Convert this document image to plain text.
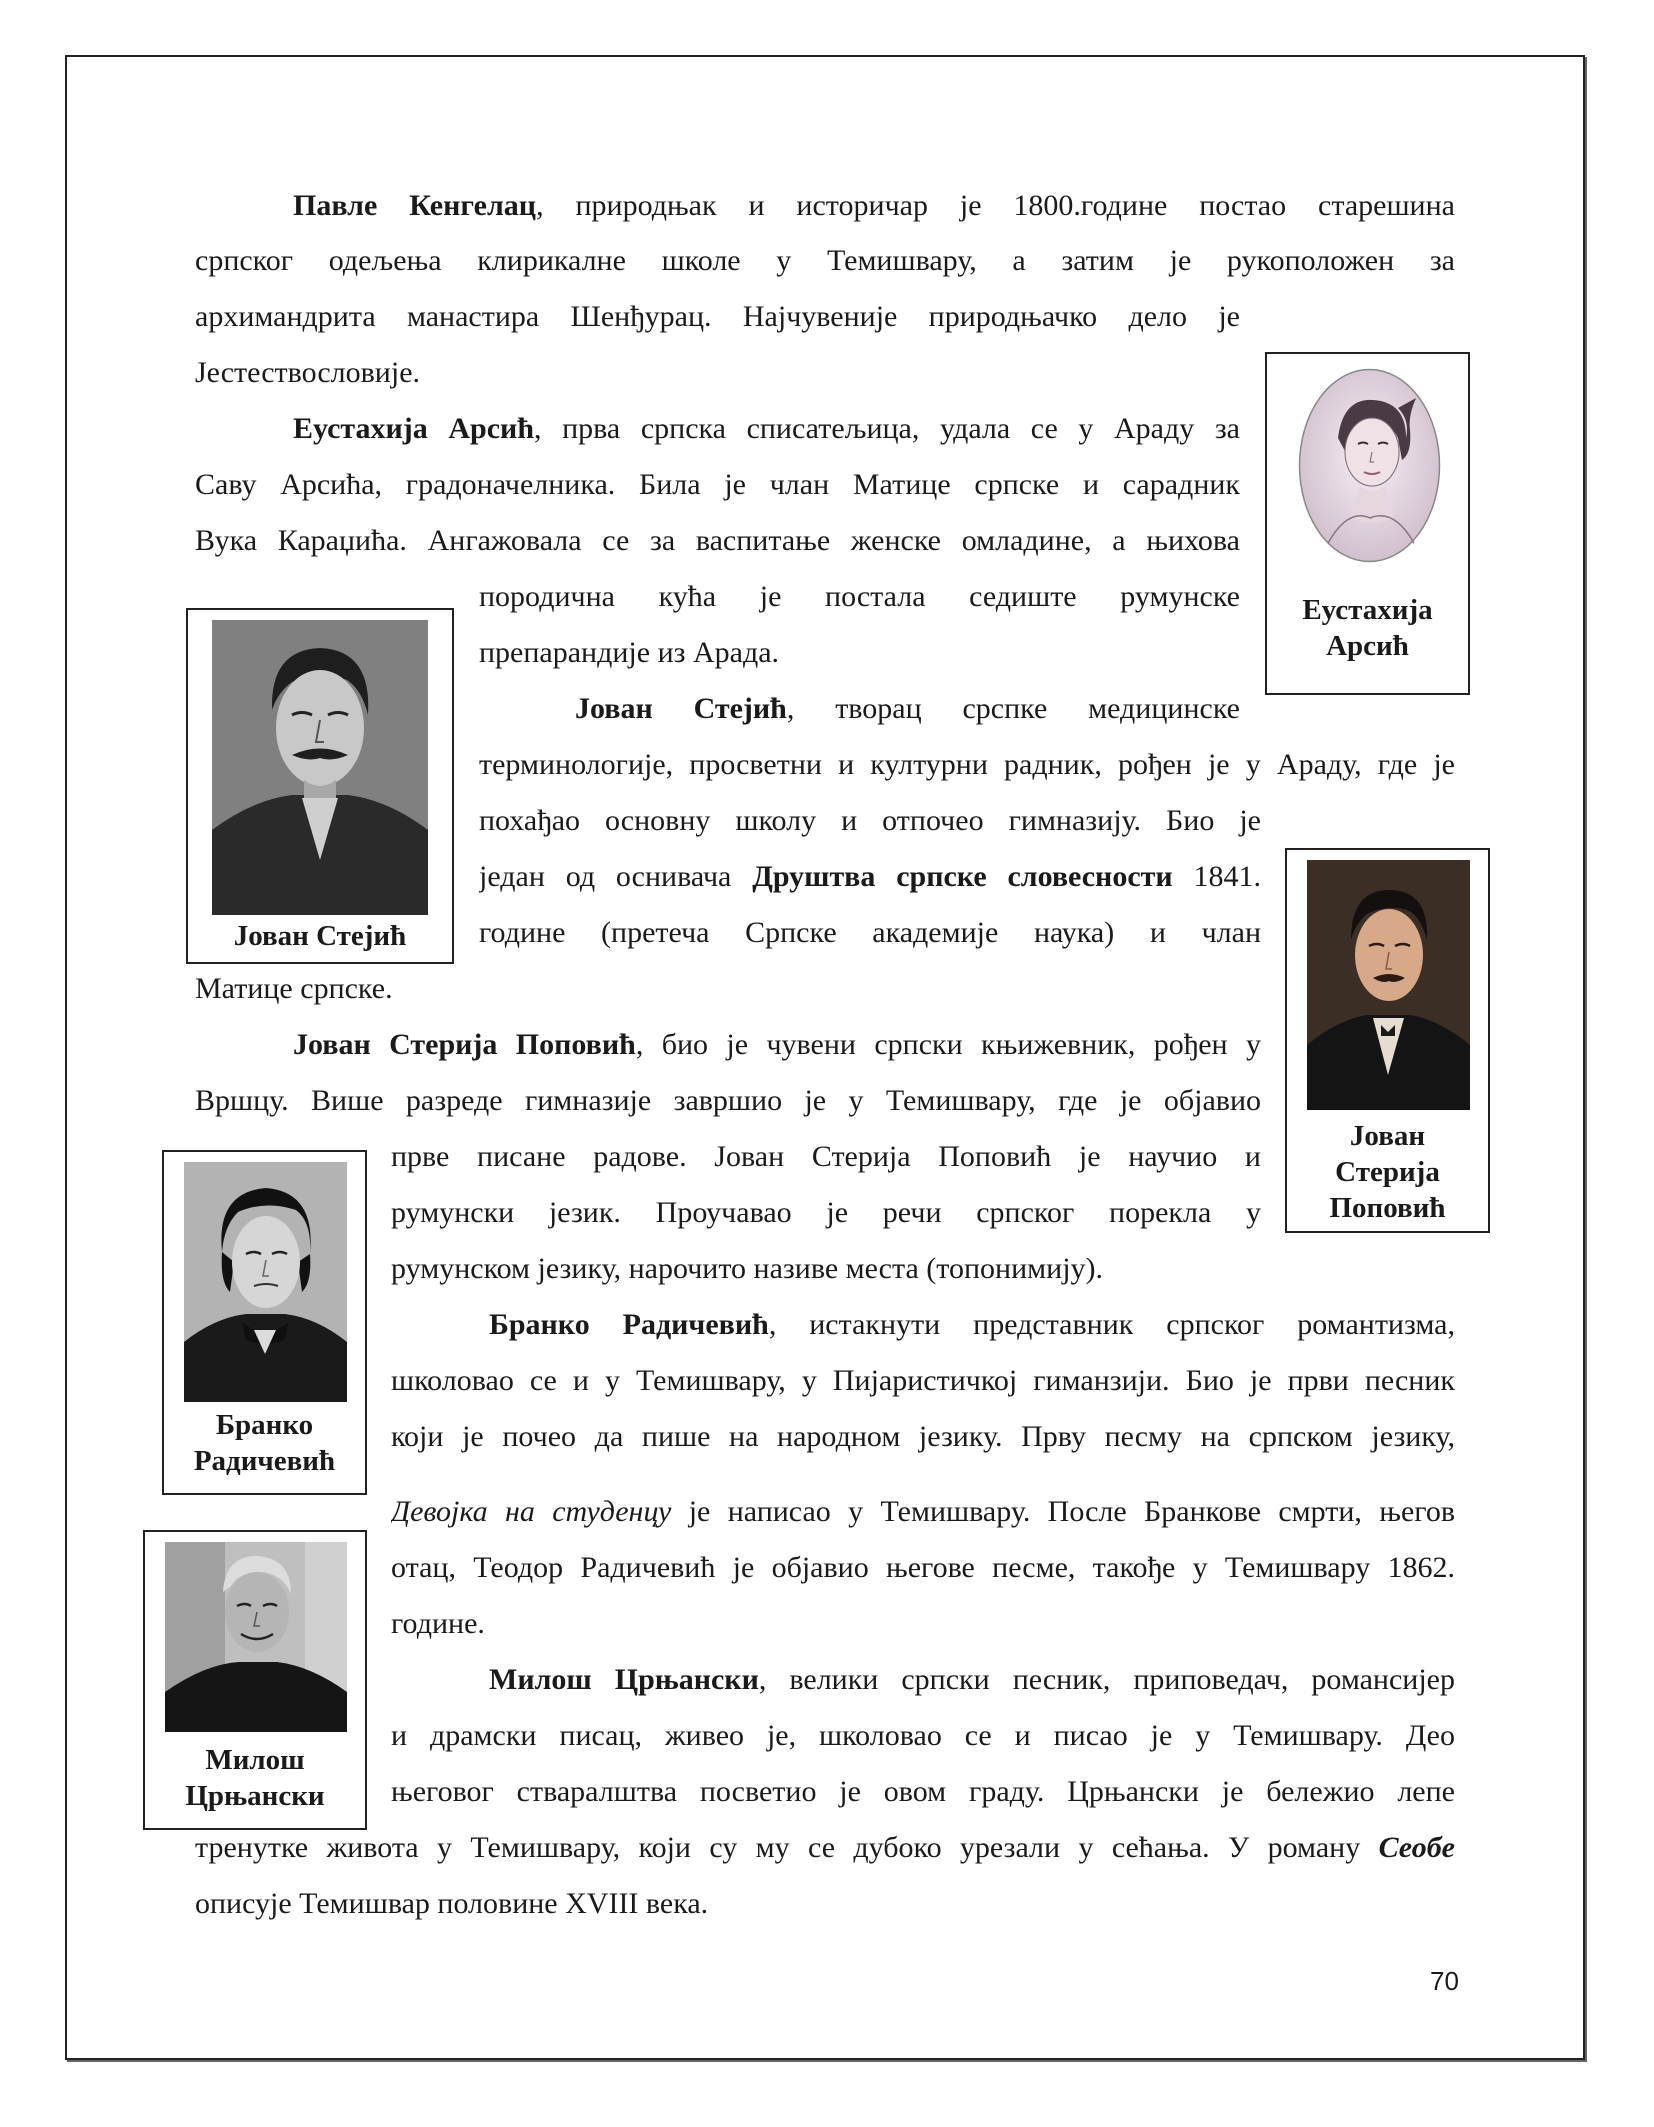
Павле Кенгелац, природњак и историчар је 1800.године постао старешина
српског одељења клирикалне школе у Темишвару, а затим је рукоположен за
архимандрита манастира Шенђурац. Најчувеније природњачко дело је
Јестествословије.
Еустахија Арсић, прва српска списатељица, удала се у Араду за
Саву Арсића, градоначелника. Била је члан Матице српске и сарадник
Вука Караџића. Ангажовала се за васпитање женске омладине, а њихова
породична кућа је постала седиште румунске
препарандије из Арада.
Јован Стејић, творац срспке медицинске
терминологије, просветни и културни радник, рођен је у Араду, где је
похађао основну школу и отпочео гимназију. Био је
један од оснивача Друштва српске словесности 1841.
године (претеча Српске академије наука) и члан
Матице српске.
Јован Стерија Поповић, био је чувени српски књижевник, рођен у
Вршцу. Више разреде гимназије завршио је у Темишвару, где је објавио
прве писане радове. Јован Стерија Поповић је научио и
румунски језик. Проучавао је речи српског порекла у
румунском језику, нарочито називе места (топонимију).
Бранко Радичевић, истакнути представник српског романтизма,
школовао се и у Темишвару, у Пијаристичкој гиманзији. Био је први песник
који је почео да пише на народном језику. Прву песму на српском језику,
Девојка на студенцу је написао у Темишвару. После Бранкове смрти, његов
отац, Теодор Радичевић је објавио његове песме, такође у Темишвару 1862.
године.
Милош Црњански, велики српски песник, приповедач, романсијер
и драмски писац, живео је, школовао се и писао је у Темишвару. Део
његовог стваралштва посветио је овом граду. Црњански је бележио лепе
тренутке живота у Темишвару, који су му се дубоко урезали у сећања. У роману Сеобе
описује Темишвар половине XVIII века.
Еустахија
Арсић
Јован Стејић
Јован
Стерија
Поповић
Бранко
Радичевић
Милош
Црњански
70
